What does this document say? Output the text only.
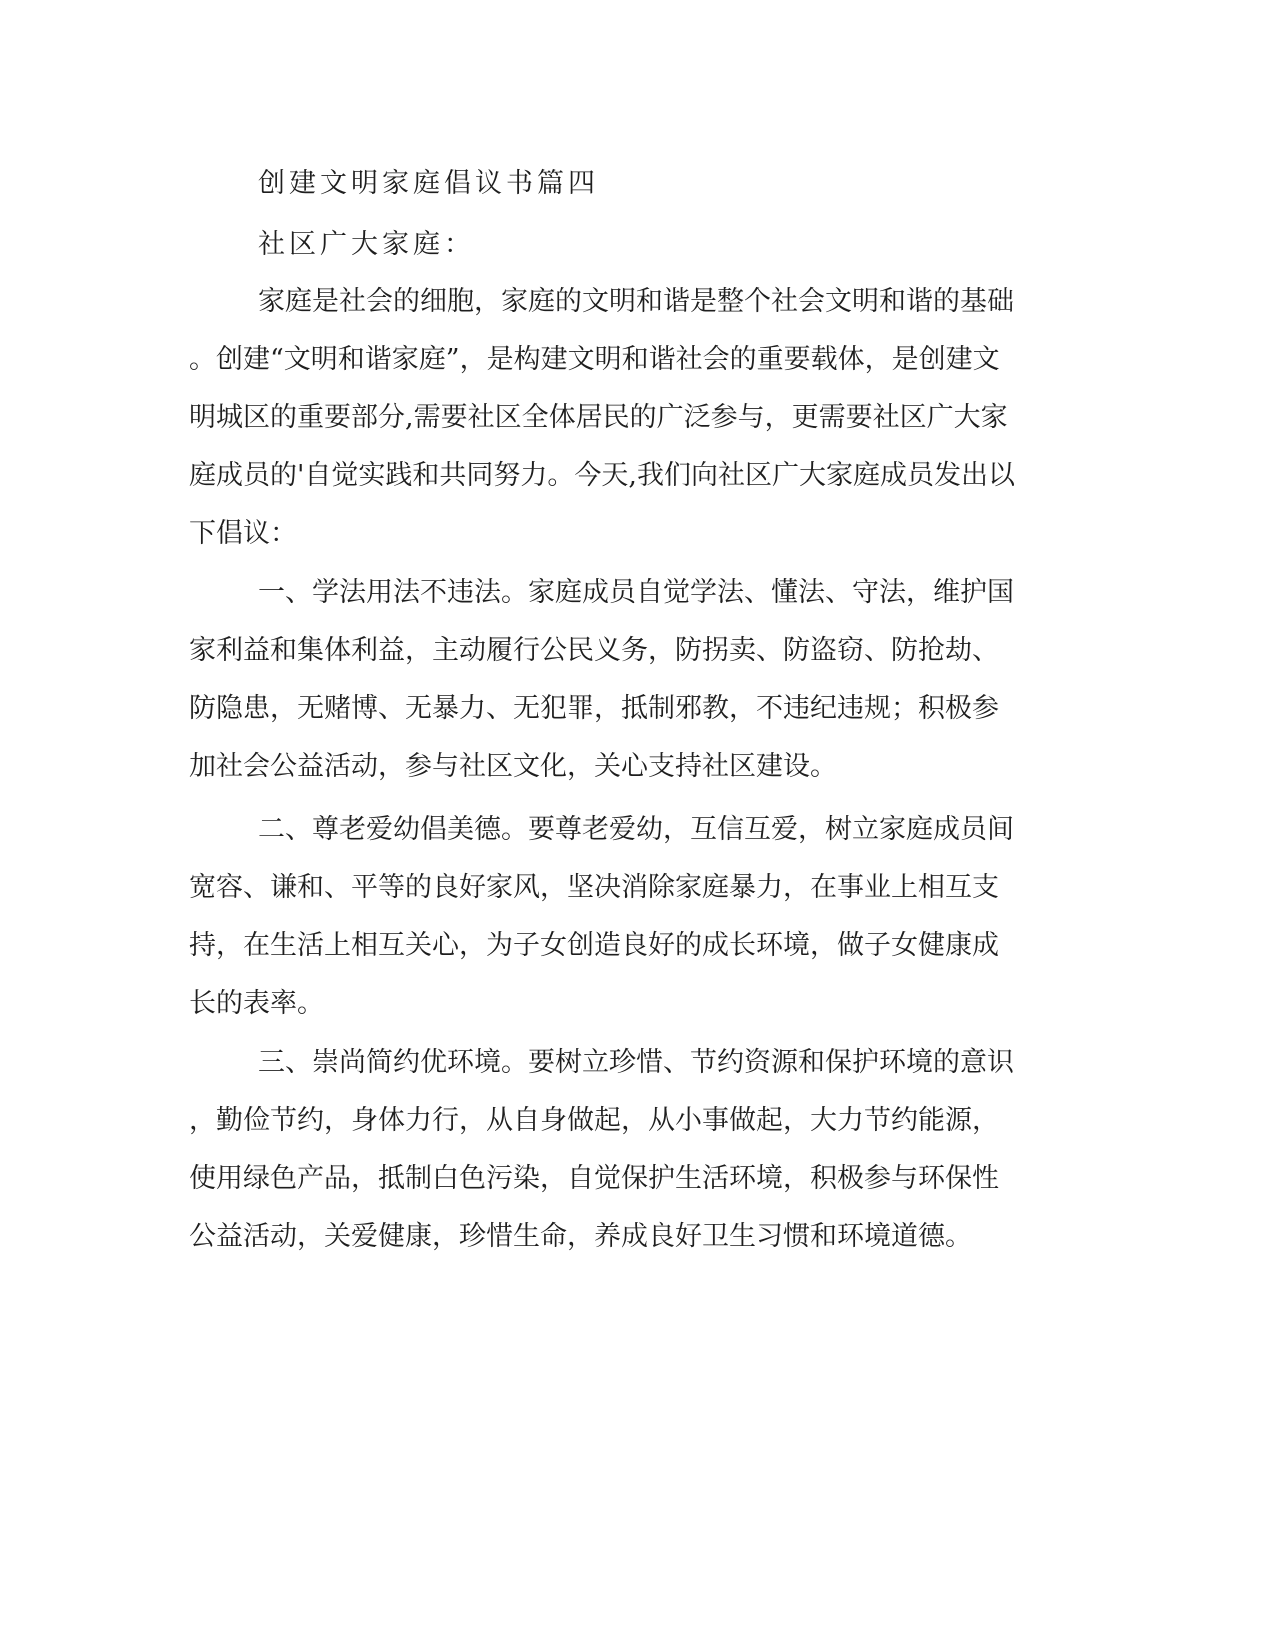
创建文明家庭倡议书篇四

社区广大家庭：

家庭是社会的细胞，家庭的文明和谐是整个社会文明和谐的基础

。创建“文明和谐家庭”，是构建文明和谐社会的重要载体，是创建文

明城区的重要部分,需要社区全体居民的广泛参与，更需要社区广大家

庭成员的'自觉实践和共同努力。今天,我们向社区广大家庭成员发出以

下倡议：

一、学法用法不违法。家庭成员自觉学法、懂法、守法，维护国

家利益和集体利益，主动履行公民义务，防拐卖、防盗窃、防抢劫、

防隐患，无赌博、无暴力、无犯罪，抵制邪教，不违纪违规；积极参

加社会公益活动，参与社区文化，关心支持社区建设。

二、尊老爱幼倡美德。要尊老爱幼，互信互爱，树立家庭成员间

宽容、谦和、平等的良好家风，坚决消除家庭暴力，在事业上相互支

持，在生活上相互关心，为子女创造良好的成长环境，做子女健康成

长的表率。

三、崇尚简约优环境。要树立珍惜、节约资源和保护环境的意识

，勤俭节约，身体力行，从自身做起，从小事做起，大力节约能源，

使用绿色产品，抵制白色污染，自觉保护生活环境，积极参与环保性

公益活动，关爱健康，珍惜生命，养成良好卫生习惯和环境道德。
